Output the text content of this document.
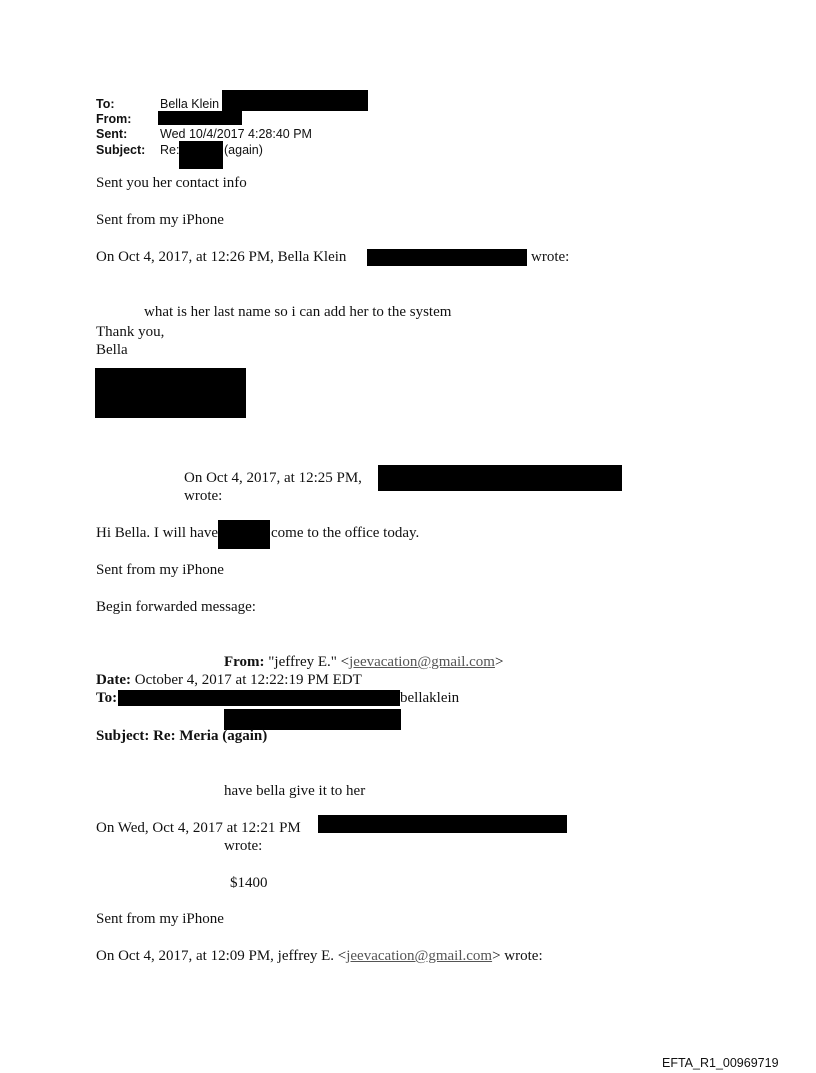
To:	Bella Klein
From:
Sent:	Wed 10/4/2017 4:28:40 PM
Subject: Re:	(again)
Sent you her contact info
Sent from my iPhone
On Oct 4, 2017, at 12:26 PM, Bella Klein	wrote:
what is her last name so i can add her to the system
Thank you,
Bella
On Oct 4, 2017, at 12:25 PM,
wrote:
Hi Bella. I will have	come to the office today.
Sent from my iPhone
Begin forwarded message:
From: "jeffrey E." <jeevacation@gmail.com>
Date: October 4, 2017 at 12:22:19 PM EDT
To:	bellaklein
Subject: Re: Meria (again)
have bella give it to her
On Wed, Oct 4, 2017 at 12:21 PM
wrote:
$1400
Sent from my iPhone
On Oct 4, 2017, at 12:09 PM, jeffrey E. <jeevacation@gmail.com> wrote:
EFTA_R1_00969719
